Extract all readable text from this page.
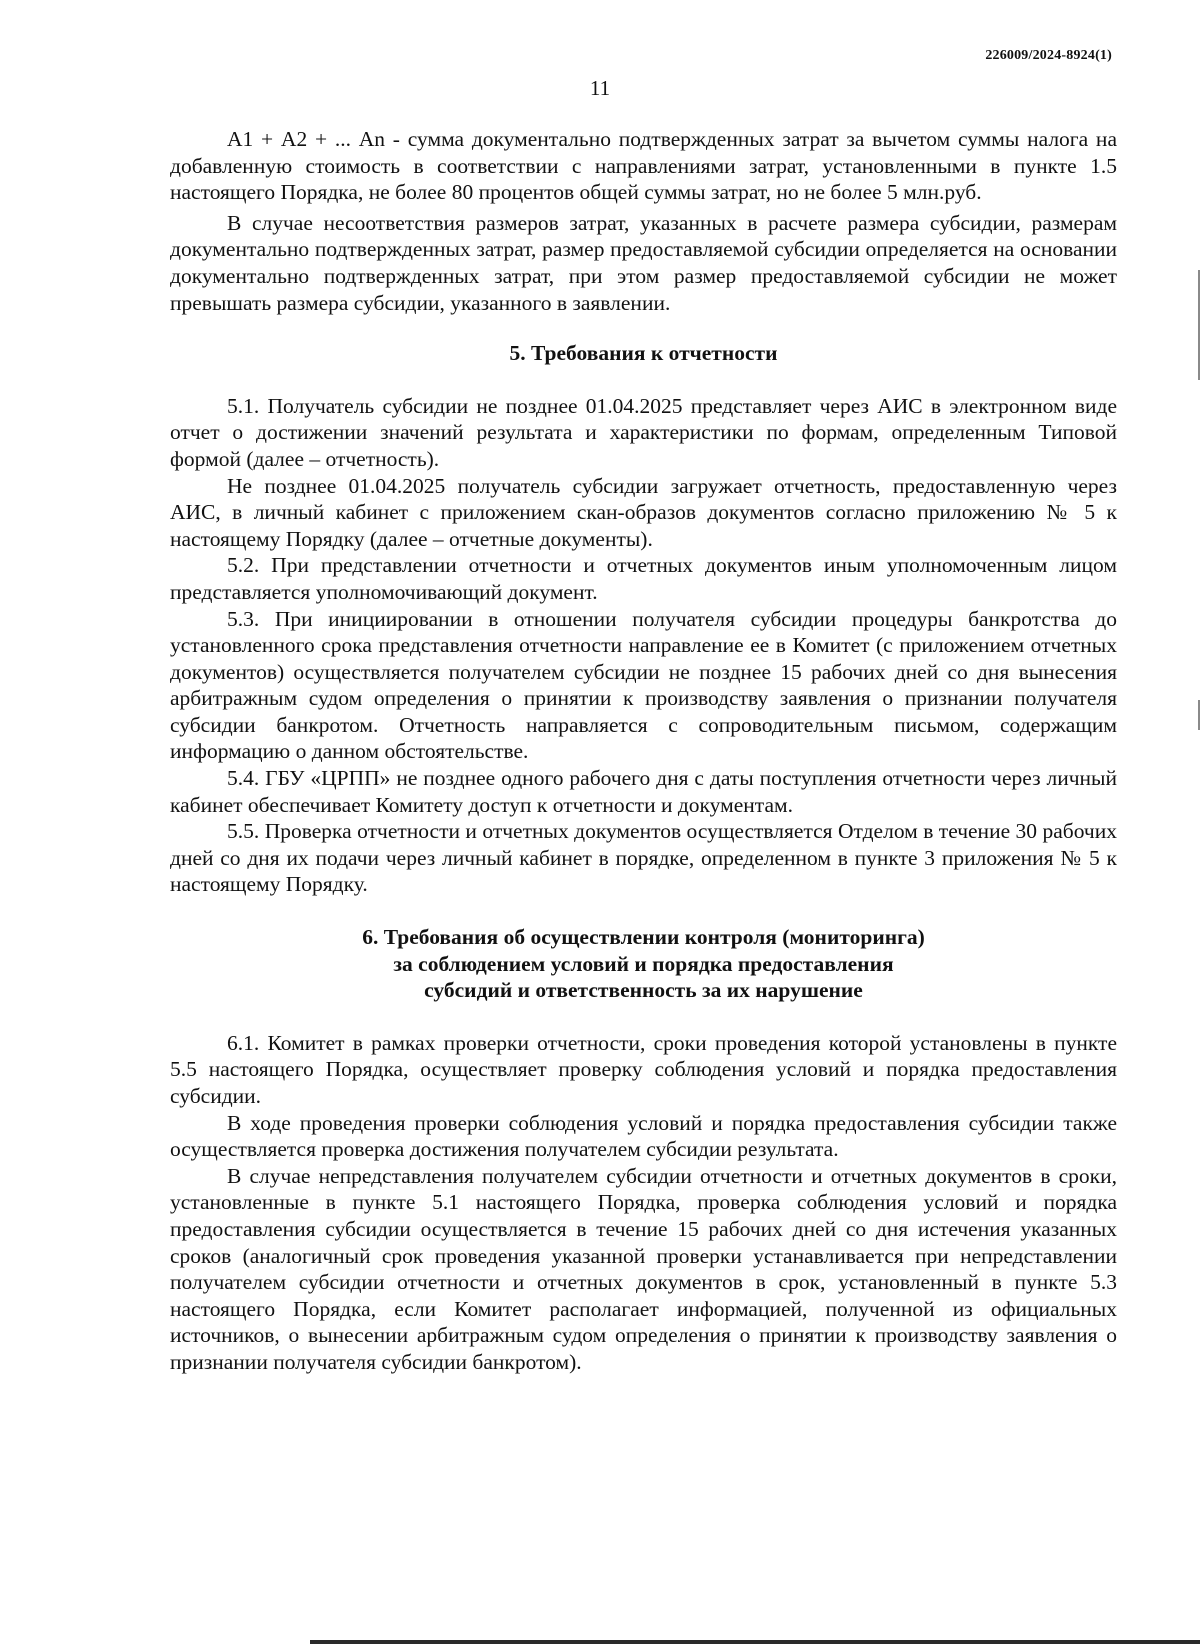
226009/2024-8924(1)
11

А1 + А2 + ... Аn - сумма документально подтвержденных затрат за вычетом суммы налога на добавленную стоимость в соответствии с направлениями затрат, установленными в пункте 1.5 настоящего Порядка, не более 80 процентов общей суммы затрат, но не более 5 млн.руб.

В случае несоответствия размеров затрат, указанных в расчете размера субсидии, размерам документально подтвержденных затрат, размер предоставляемой субсидии определяется на основании документально подтвержденных затрат, при этом размер предоставляемой субсидии не может превышать размера субсидии, указанного в заявлении.

5. Требования к отчетности

5.1. Получатель субсидии не позднее 01.04.2025 представляет через АИС в электронном виде отчет о достижении значений результата и характеристики по формам, определенным Типовой формой (далее – отчетность).

Не позднее 01.04.2025 получатель субсидии загружает отчетность, предоставленную через АИС, в личный кабинет с приложением скан-образов документов согласно приложению № 5 к настоящему Порядку (далее – отчетные документы).

5.2. При представлении отчетности и отчетных документов иным уполномоченным лицом представляется уполномочивающий документ.

5.3. При инициировании в отношении получателя субсидии процедуры банкротства до установленного срока представления отчетности направление ее в Комитет (с приложением отчетных документов) осуществляется получателем субсидии не позднее 15 рабочих дней со дня вынесения арбитражным судом определения о принятии к производству заявления о признании получателя субсидии банкротом. Отчетность направляется с сопроводительным письмом, содержащим информацию о данном обстоятельстве.

5.4. ГБУ «ЦРПП» не позднее одного рабочего дня с даты поступления отчетности через личный кабинет обеспечивает Комитету доступ к отчетности и документам.

5.5. Проверка отчетности и отчетных документов осуществляется Отделом в течение 30 рабочих дней со дня их подачи через личный кабинет в порядке, определенном в пункте 3 приложения № 5 к настоящему Порядку.

6. Требования об осуществлении контроля (мониторинга)
за соблюдением условий и порядка предоставления
субсидий и ответственность за их нарушение

6.1. Комитет в рамках проверки отчетности, сроки проведения которой установлены в пункте 5.5 настоящего Порядка, осуществляет проверку соблюдения условий и порядка предоставления субсидии.

В ходе проведения проверки соблюдения условий и порядка предоставления субсидии также осуществляется проверка достижения получателем субсидии результата.

В случае непредставления получателем субсидии отчетности и отчетных документов в сроки, установленные в пункте 5.1 настоящего Порядка, проверка соблюдения условий и порядка предоставления субсидии осуществляется в течение 15 рабочих дней со дня истечения указанных сроков (аналогичный срок проведения указанной проверки устанавливается при непредставлении получателем субсидии отчетности и отчетных документов в срок, установленный в пункте 5.3 настоящего Порядка, если Комитет располагает информацией, полученной из официальных источников, о вынесении арбитражным судом определения о принятии к производству заявления о признании получателя субсидии банкротом).
